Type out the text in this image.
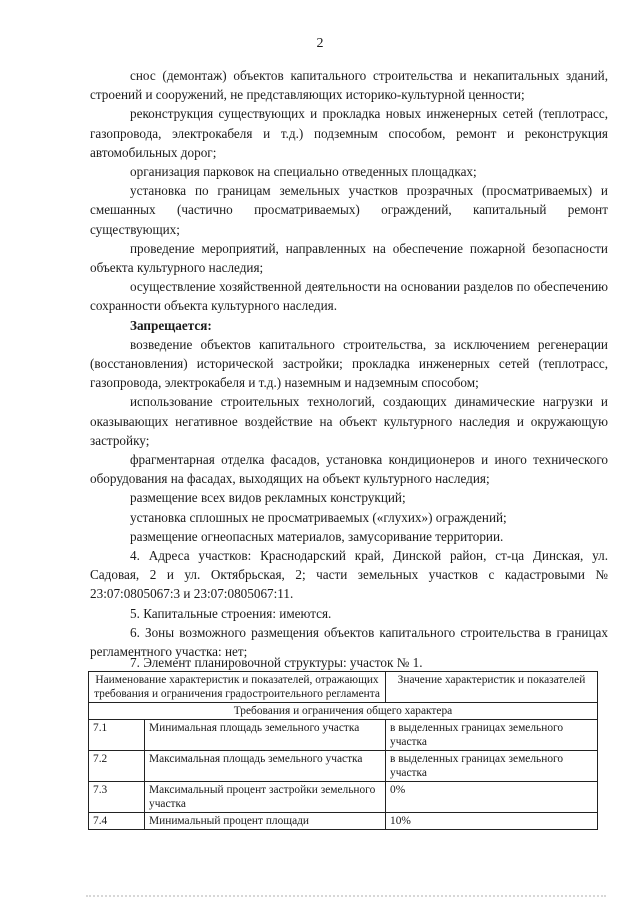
2

снос (демонтаж) объектов капитального строительства и некапитальных зданий, строений и сооружений, не представляющих историко-культурной ценности;

реконструкция существующих и прокладка новых инженерных сетей (теплотрасс, газопровода, электрокабеля и т.д.) подземным способом, ремонт и реконструкция автомобильных дорог;

организация парковок на специально отведенных площадках;

установка по границам земельных участков прозрачных (просматриваемых) и смешанных (частично просматриваемых) ограждений, капитальный ремонт существующих;

проведение мероприятий, направленных на обеспечение пожарной безопасности объекта культурного наследия;

осуществление хозяйственной деятельности на основании разделов по обеспечению сохранности объекта культурного наследия.

Запрещается:

возведение объектов капитального строительства, за исключением регенерации (восстановления) исторической застройки; прокладка инженерных сетей (теплотрасс, газопровода, электрокабеля и т.д.) наземным и надземным способом;

использование строительных технологий, создающих динамические нагрузки и оказывающих негативное воздействие на объект культурного наследия и окружающую застройку;

фрагментарная отделка фасадов, установка кондиционеров и иного технического оборудования на фасадах, выходящих на объект культурного наследия;

размещение всех видов рекламных конструкций;

установка сплошных не просматриваемых («глухих») ограждений;

размещение огнеопасных материалов, замусоривание территории.

4. Адреса участков: Краснодарский край, Динской район, ст-ца Динская, ул. Садовая, 2 и ул. Октябрьская, 2; части земельных участков с кадастровыми № 23:07:0805067:3 и 23:07:0805067:11.

5. Капитальные строения: имеются.

6. Зоны возможного размещения объектов капитального строительства в границах регламентного участка: нет;

7. Элемент планировочной структуры: участок № 1.
Наименование характеристик и показателей, отражающих требования и ограничения градостроительного регламента		Значение характеристик и показателей
Требования и ограничения общего характера		
7.1	Минимальная площадь земельного участка	в выделенных границах земельного участка
7.2	Максимальная площадь земельного участка	в выделенных границах земельного участка
7.3	Максимальный процент застройки земельного участка	0%
7.4	Минимальный процент площади	10%
